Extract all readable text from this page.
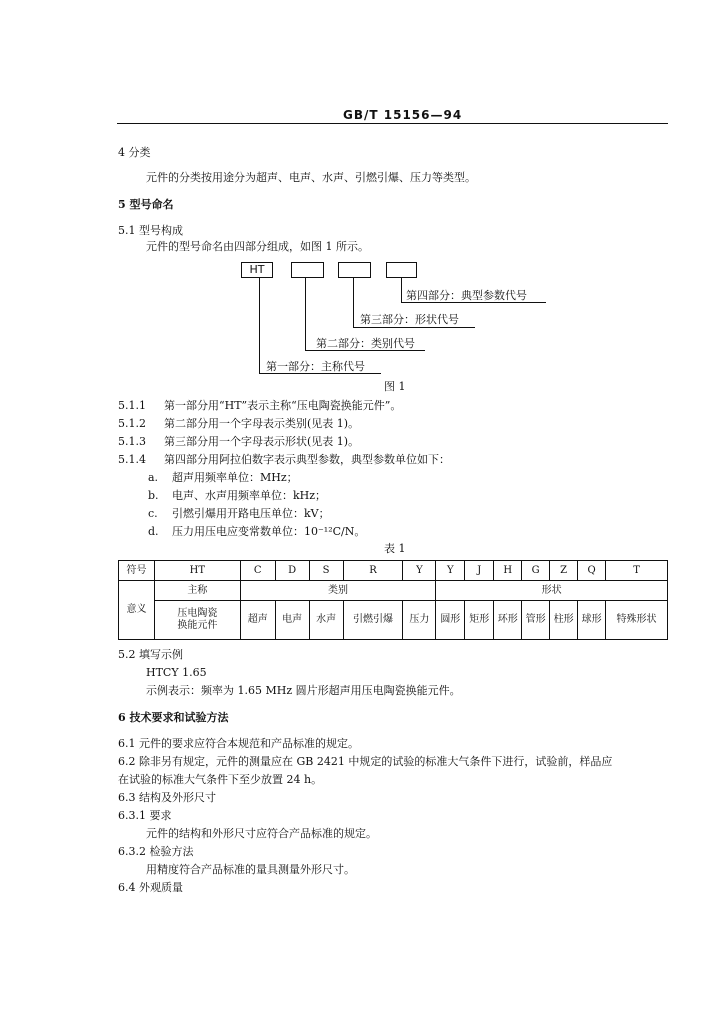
GB/T 15156—94
4 分类
元件的分类按用途分为超声、电声、水声、引燃引爆、压力等类型。
5 型号命名
5.1 型号构成
元件的型号命名由四部分组成，如图 1 所示。
HT
第四部分：典型参数代号
第三部分：形状代号
第二部分：类别代号
第一部分：主称代号
图 1
5.1.1 第一部分用“HT”表示主称“压电陶瓷换能元件”。
5.1.2 第二部分用一个字母表示类别(见表 1)。
5.1.3 第三部分用一个字母表示形状(见表 1)。
5.1.4 第四部分用阿拉伯数字表示典型参数，典型参数单位如下：
a. 超声用频率单位：MHz；
b. 电声、水声用频率单位：kHz；
c. 引燃引爆用开路电压单位：kV；
d. 压力用压电应变常数单位：10⁻¹²C/N。
表 1
符号	HT	C	D	S	R	Y	Y	J	H	G	Z	Q	T
意义	主称	类别					形状						
	压电陶瓷
换能元件	超声	电声	水声	引燃引爆	压力	圆形	矩形	环形	管形	柱形	球形	特殊形状
5.2 填写示例
HTCY 1.65
示例表示：频率为 1.65 MHz 圆片形超声用压电陶瓷换能元件。
6 技术要求和试验方法
6.1 元件的要求应符合本规范和产品标准的规定。
6.2 除非另有规定，元件的测量应在 GB 2421 中规定的试验的标准大气条件下进行，试验前，样品应
在试验的标准大气条件下至少放置 24 h。
6.3 结构及外形尺寸
6.3.1 要求
元件的结构和外形尺寸应符合产品标准的规定。
6.3.2 检验方法
用精度符合产品标准的量具测量外形尺寸。
6.4 外观质量
